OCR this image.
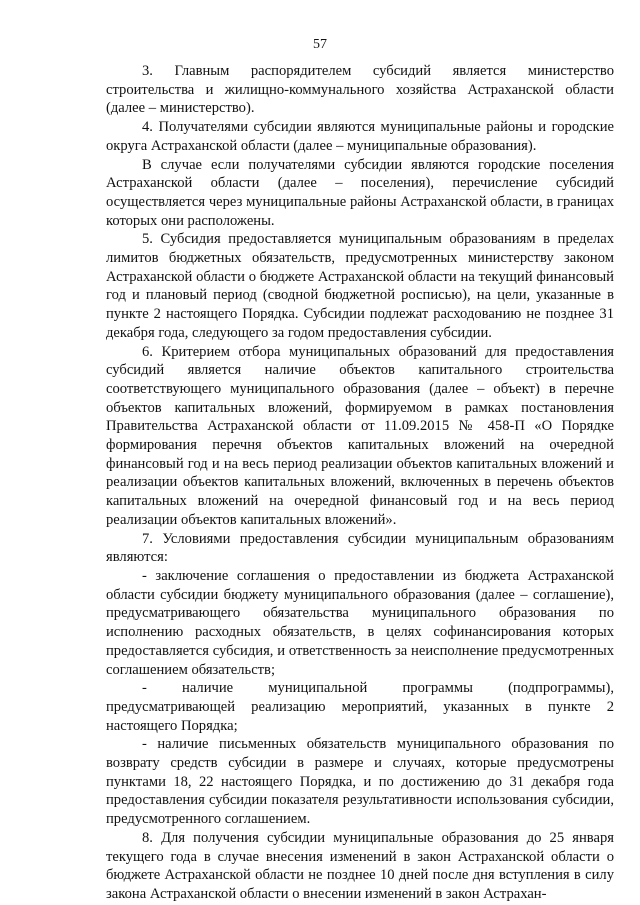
57

3. Главным распорядителем субсидий является министерство строительства и жилищно-коммунального хозяйства Астраханской области (далее – министерство).

4. Получателями субсидии являются муниципальные районы и городские округа Астраханской области (далее – муниципальные образования).

В случае если получателями субсидии являются городские поселения Астраханской области (далее – поселения), перечисление субсидий осуществляется через муниципальные районы Астраханской области, в границах которых они расположены.

5. Субсидия предоставляется муниципальным образованиям в пределах лимитов бюджетных обязательств, предусмотренных министерству законом Астраханской области о бюджете Астраханской области на текущий финансовый год и плановый период (сводной бюджетной росписью), на цели, указанные в пункте 2 настоящего Порядка. Субсидии подлежат расходованию не позднее 31 декабря года, следующего за годом предоставления субсидии.

6. Критерием отбора муниципальных образований для предоставления субсидий является наличие объектов капитального строительства соответствующего муниципального образования (далее – объект) в перечне объектов капитальных вложений, формируемом в рамках постановления Правительства Астраханской области от 11.09.2015 № 458-П «О Порядке формирования перечня объектов капитальных вложений на очередной финансовый год и на весь период реализации объектов капитальных вложений и реализации объектов капитальных вложений, включенных в перечень объектов капитальных вложений на очередной финансовый год и на весь период реализации объектов капитальных вложений».

7. Условиями предоставления субсидии муниципальным образованиям являются:

- заключение соглашения о предоставлении из бюджета Астраханской области субсидии бюджету муниципального образования (далее – соглашение), предусматривающего обязательства муниципального образования по исполнению расходных обязательств, в целях софинансирования которых предоставляется субсидия, и ответственность за неисполнение предусмотренных соглашением обязательств;

- наличие муниципальной программы (подпрограммы), предусматривающей реализацию мероприятий, указанных в пункте 2 настоящего Порядка;

- наличие письменных обязательств муниципального образования по возврату средств субсидии в размере и случаях, которые предусмотрены пунктами 18, 22 настоящего Порядка, и по достижению до 31 декабря года предоставления субсидии показателя результативности использования субсидии, предусмотренного соглашением.

8. Для получения субсидии муниципальные образования до 25 января текущего года в случае внесения изменений в закон Астраханской области о бюджете Астраханской области не позднее 10 дней после дня вступления в силу закона Астраханской области о внесении изменений в закон Астрахан-
